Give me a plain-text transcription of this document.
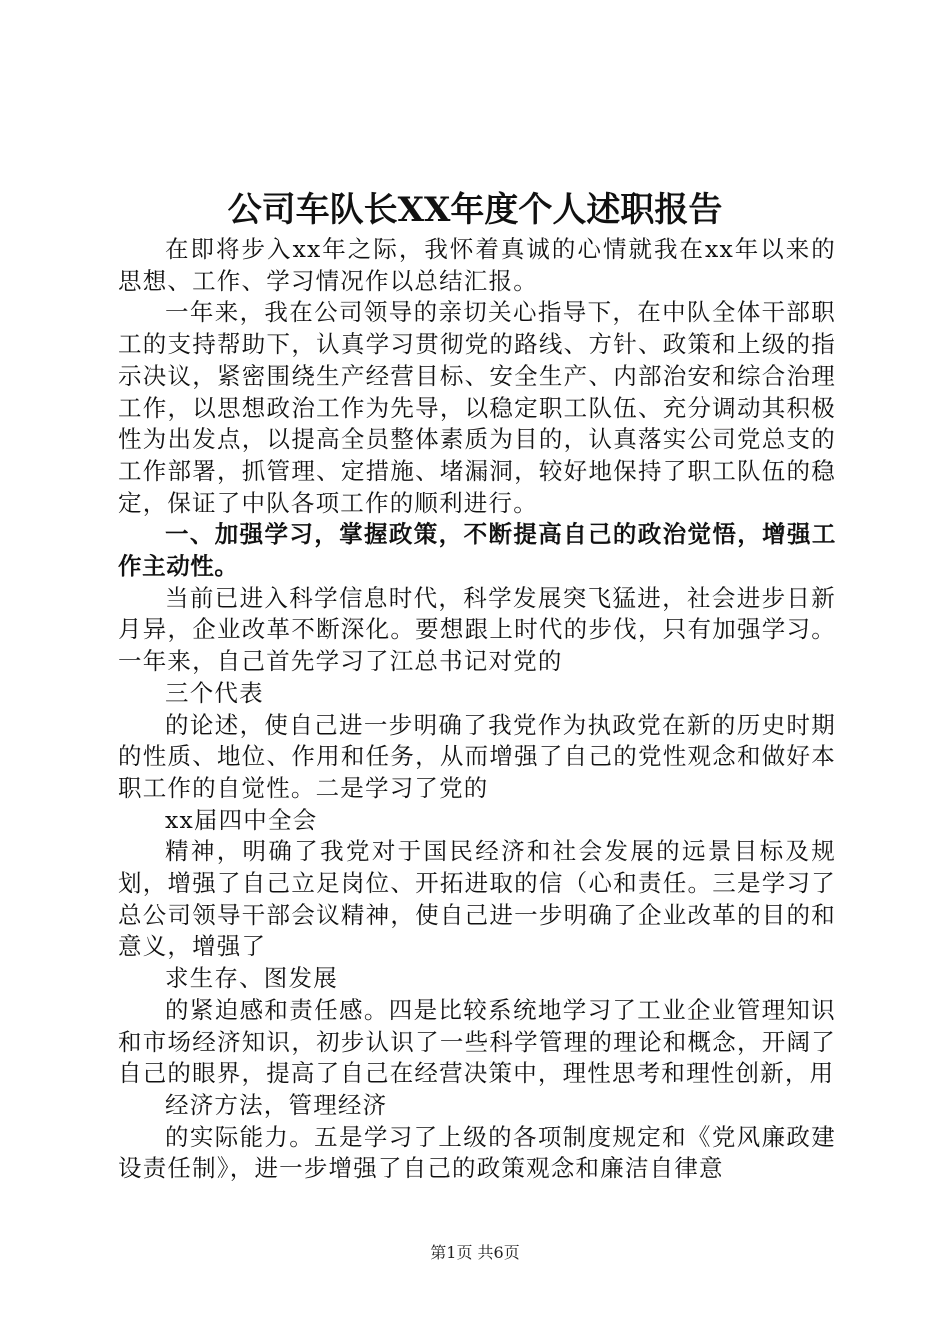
公司车队长XX年度个人述职报告

在即将步入xx年之际，我怀着真诚的心情就我在xx年以来的思想、工作、学习情况作以总结汇报。

一年来，我在公司领导的亲切关心指导下，在中队全体干部职工的支持帮助下，认真学习贯彻党的路线、方针、政策和上级的指示决议，紧密围绕生产经营目标、安全生产、内部治安和综合治理工作，以思想政治工作为先导，以稳定职工队伍、充分调动其积极性为出发点，以提高全员整体素质为目的，认真落实公司党总支的工作部署，抓管理、定措施、堵漏洞，较好地保持了职工队伍的稳定，保证了中队各项工作的顺利进行。

一、加强学习，掌握政策，不断提高自己的政治觉悟，增强工作主动性。

当前已进入科学信息时代，科学发展突飞猛进，社会进步日新月异，企业改革不断深化。要想跟上时代的步伐，只有加强学习。一年来，自己首先学习了江总书记对党的

三个代表

的论述，使自己进一步明确了我党作为执政党在新的历史时期的性质、地位、作用和任务，从而增强了自己的党性观念和做好本职工作的自觉性。二是学习了党的

xx届四中全会

精神，明确了我党对于国民经济和社会发展的远景目标及规划，增强了自己立足岗位、开拓进取的信（心和责任。三是学习了总公司领导干部会议精神，使自己进一步明确了企业改革的目的和意义，增强了

求生存、图发展

的紧迫感和责任感。四是比较系统地学习了工业企业管理知识和市场经济知识，初步认识了一些科学管理的理论和概念，开阔了自己的眼界，提高了自己在经营决策中，理性思考和理性创新，用

经济方法，管理经济

的实际能力。五是学习了上级的各项制度规定和《党风廉政建设责任制》，进一步增强了自己的政策观念和廉洁自律意

第1页 共6页
